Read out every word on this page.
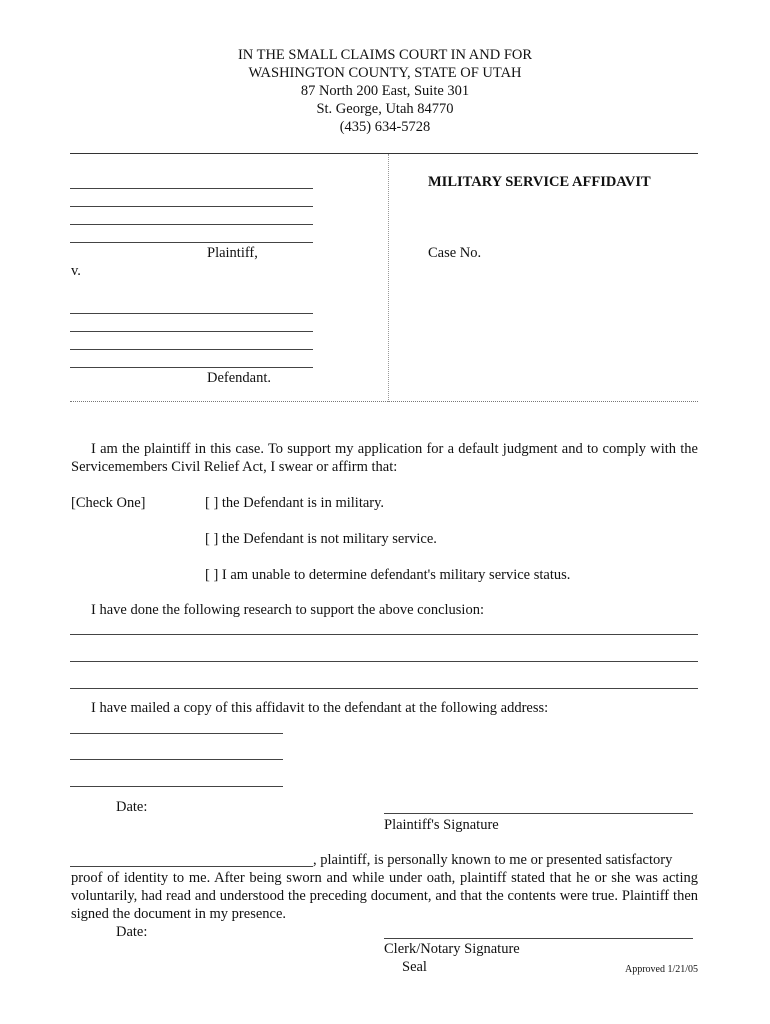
IN THE SMALL CLAIMS COURT IN AND FOR
WASHINGTON COUNTY, STATE OF UTAH
87 North 200 East, Suite 301
St. George, Utah 84770
(435) 634-5728
Plaintiff,
v.
Defendant.
MILITARY SERVICE AFFIDAVIT
Case No.
I am the plaintiff in this case. To support my application for a default judgment and to comply with the Servicemembers Civil Relief Act, I swear or affirm that:
[Check One]	[ ] the Defendant is in military.
[ ] the Defendant is not military service.
[ ] I am unable to determine defendant's military service status.
I have done the following research to support the above conclusion:
I have mailed a copy of this affidavit to the defendant at the following address:
Date:
Plaintiff's Signature
, plaintiff, is personally known to me or presented satisfactory
proof of identity to me. After being sworn and while under oath, plaintiff stated that he or she was acting voluntarily, had read and understood the preceding document, and that the contents were true. Plaintiff then signed the document in my presence.
Date:
Clerk/Notary Signature
Seal	Approved 1/21/05
